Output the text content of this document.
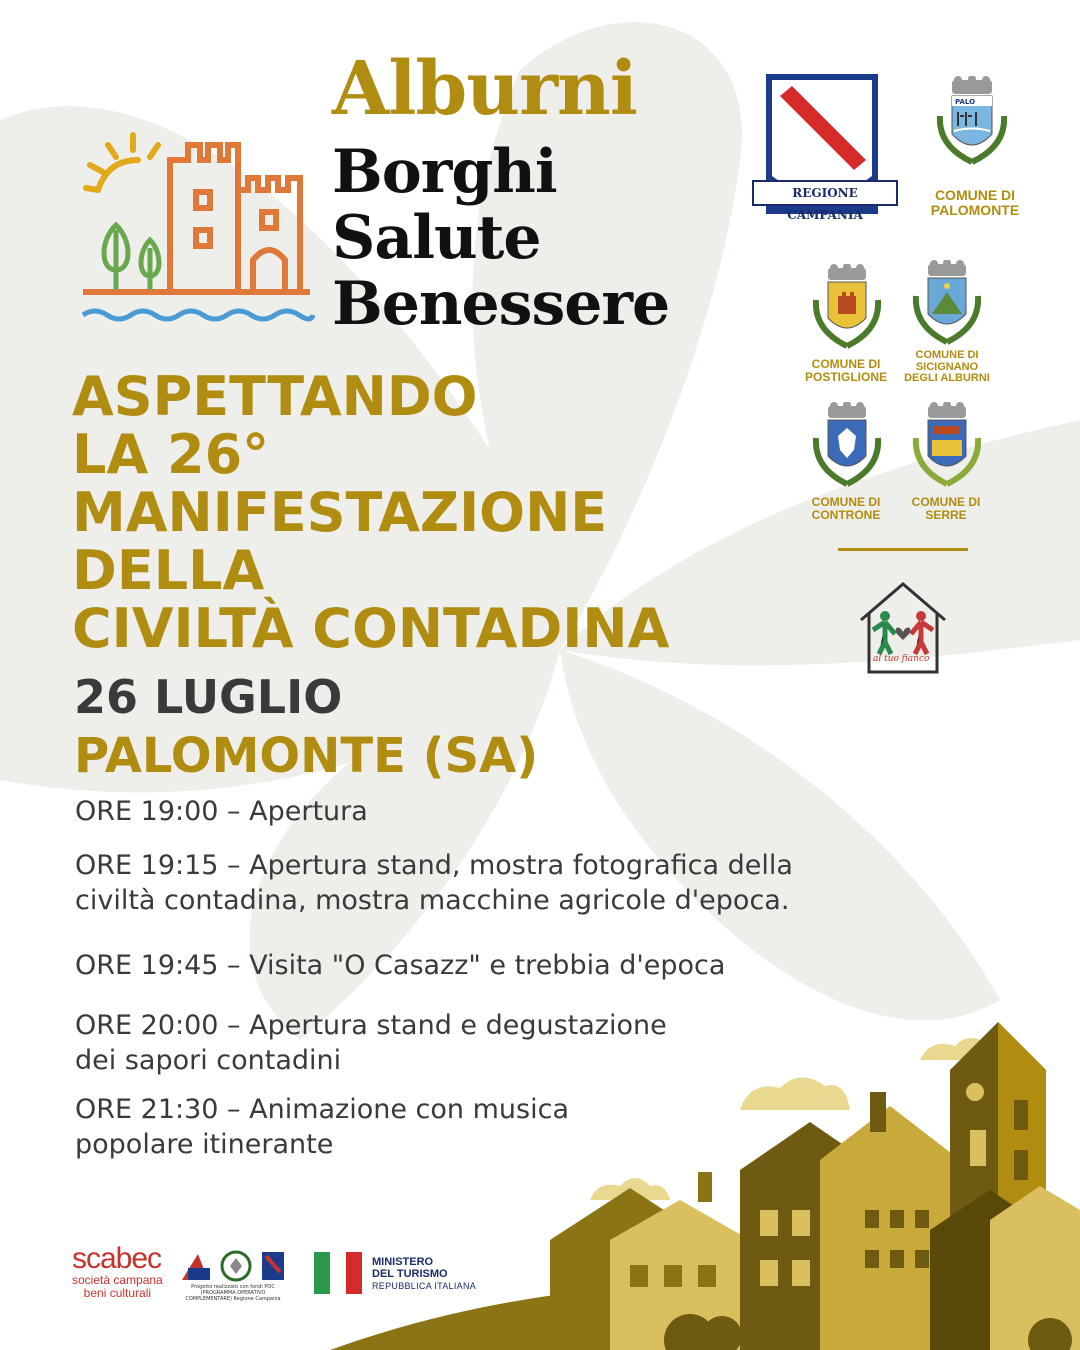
Alburni
Borghi
Salute
Benessere
REGIONE CAMPANIA
PALO
COMUNE DI
PALOMONTE
COMUNE DI
POSTIGLIONE
COMUNE DI
SICIGNANO
DEGLI ALBURNI
COMUNE DI
CONTRONE
COMUNE DI
SERRE
al tuo fianco
ASPETTANDO
LA 26°
MANIFESTAZIONE
DELLA
CIVILTÀ CONTADINA
26 LUGLIO
PALOMONTE (SA)
ORE 19:00 – Apertura
ORE 19:15 – Apertura stand, mostra fotografica della
civiltà contadina, mostra macchine agricole d'epoca.
ORE 19:45 – Visita "O Casazz" e trebbia d'epoca
ORE 20:00 – Apertura stand e degustazione
dei sapori contadini
ORE 21:30 – Animazione con musica
popolare itinerante
scabec
società campana
beni culturali	Progetto realizzato con fondi POC (PROGRAMMA OPERATIVO COMPLEMENTARE) Regione Campania
MINISTERO
DEL TURISMO
REPUBBLICA ITALIANA
